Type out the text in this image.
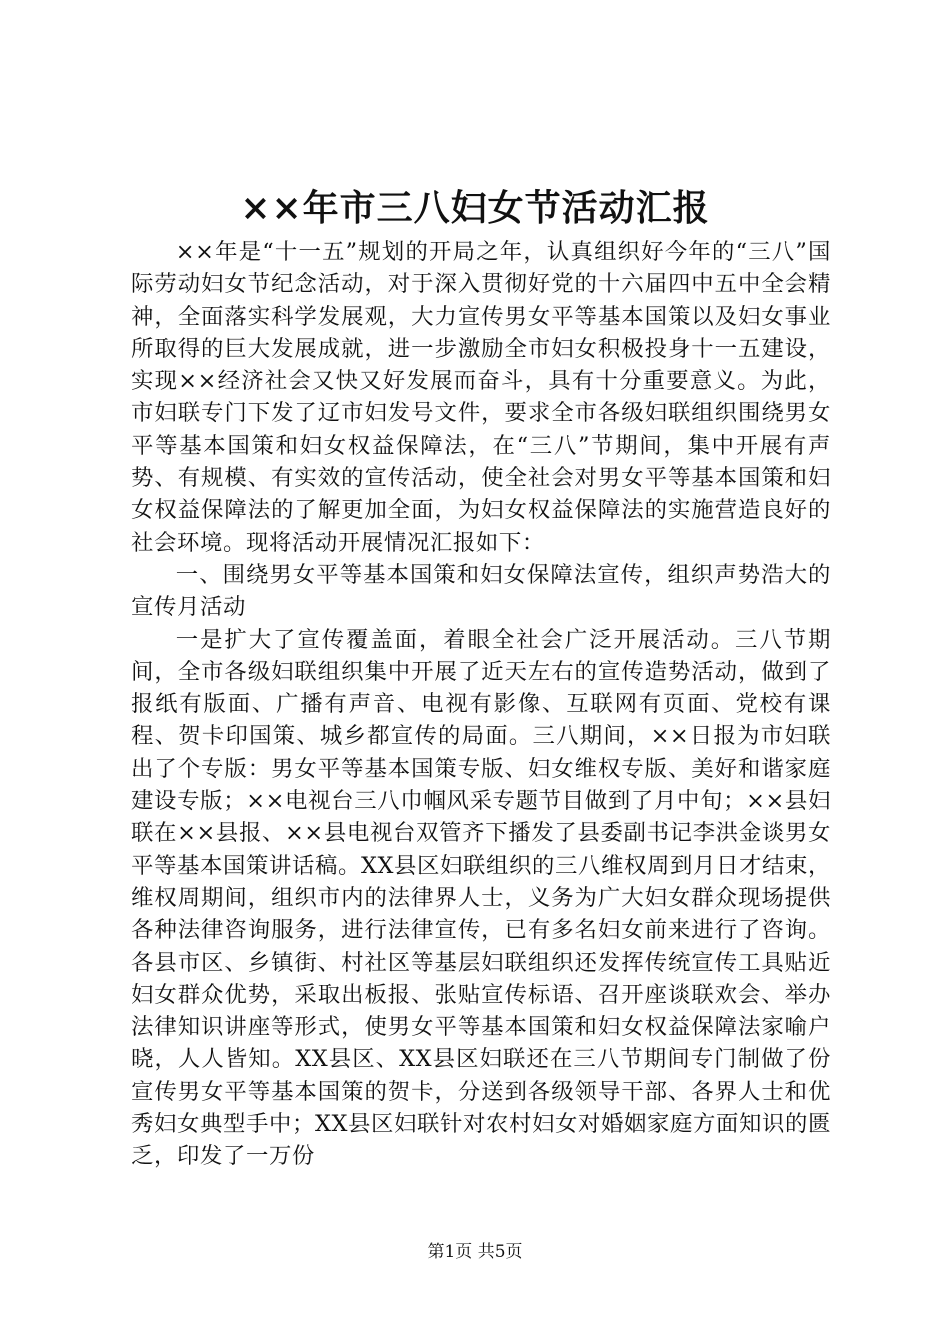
××年市三八妇女节活动汇报

××年是“十一五”规划的开局之年，认真组织好今年的“三八”国际劳动妇女节纪念活动，对于深入贯彻好党的十六届四中五中全会精神，全面落实科学发展观，大力宣传男女平等基本国策以及妇女事业所取得的巨大发展成就，进一步激励全市妇女积极投身十一五建设，实现××经济社会又快又好发展而奋斗，具有十分重要意义。为此，市妇联专门下发了辽市妇发号文件，要求全市各级妇联组织围绕男女平等基本国策和妇女权益保障法，在“三八”节期间，集中开展有声势、有规模、有实效的宣传活动，使全社会对男女平等基本国策和妇女权益保障法的了解更加全面，为妇女权益保障法的实施营造良好的社会环境。现将活动开展情况汇报如下：

一、围绕男女平等基本国策和妇女保障法宣传，组织声势浩大的宣传月活动

一是扩大了宣传覆盖面，着眼全社会广泛开展活动。三八节期间，全市各级妇联组织集中开展了近天左右的宣传造势活动，做到了报纸有版面、广播有声音、电视有影像、互联网有页面、党校有课程、贺卡印国策、城乡都宣传的局面。三八期间，××日报为市妇联出了个专版：男女平等基本国策专版、妇女维权专版、美好和谐家庭建设专版；××电视台三八巾帼风采专题节目做到了月中旬；××县妇联在××县报、××县电视台双管齐下播发了县委副书记李洪金谈男女平等基本国策讲话稿。XX县区妇联组织的三八维权周到月日才结束，维权周期间，组织市内的法律界人士，义务为广大妇女群众现场提供各种法律咨询服务，进行法律宣传，已有多名妇女前来进行了咨询。各县市区、乡镇街、村社区等基层妇联组织还发挥传统宣传工具贴近妇女群众优势，采取出板报、张贴宣传标语、召开座谈联欢会、举办法律知识讲座等形式，使男女平等基本国策和妇女权益保障法家喻户晓，人人皆知。XX县区、XX县区妇联还在三八节期间专门制做了份宣传男女平等基本国策的贺卡，分送到各级领导干部、各界人士和优秀妇女典型手中；XX县区妇联针对农村妇女对婚姻家庭方面知识的匮乏，印发了一万份

第1页 共5页
